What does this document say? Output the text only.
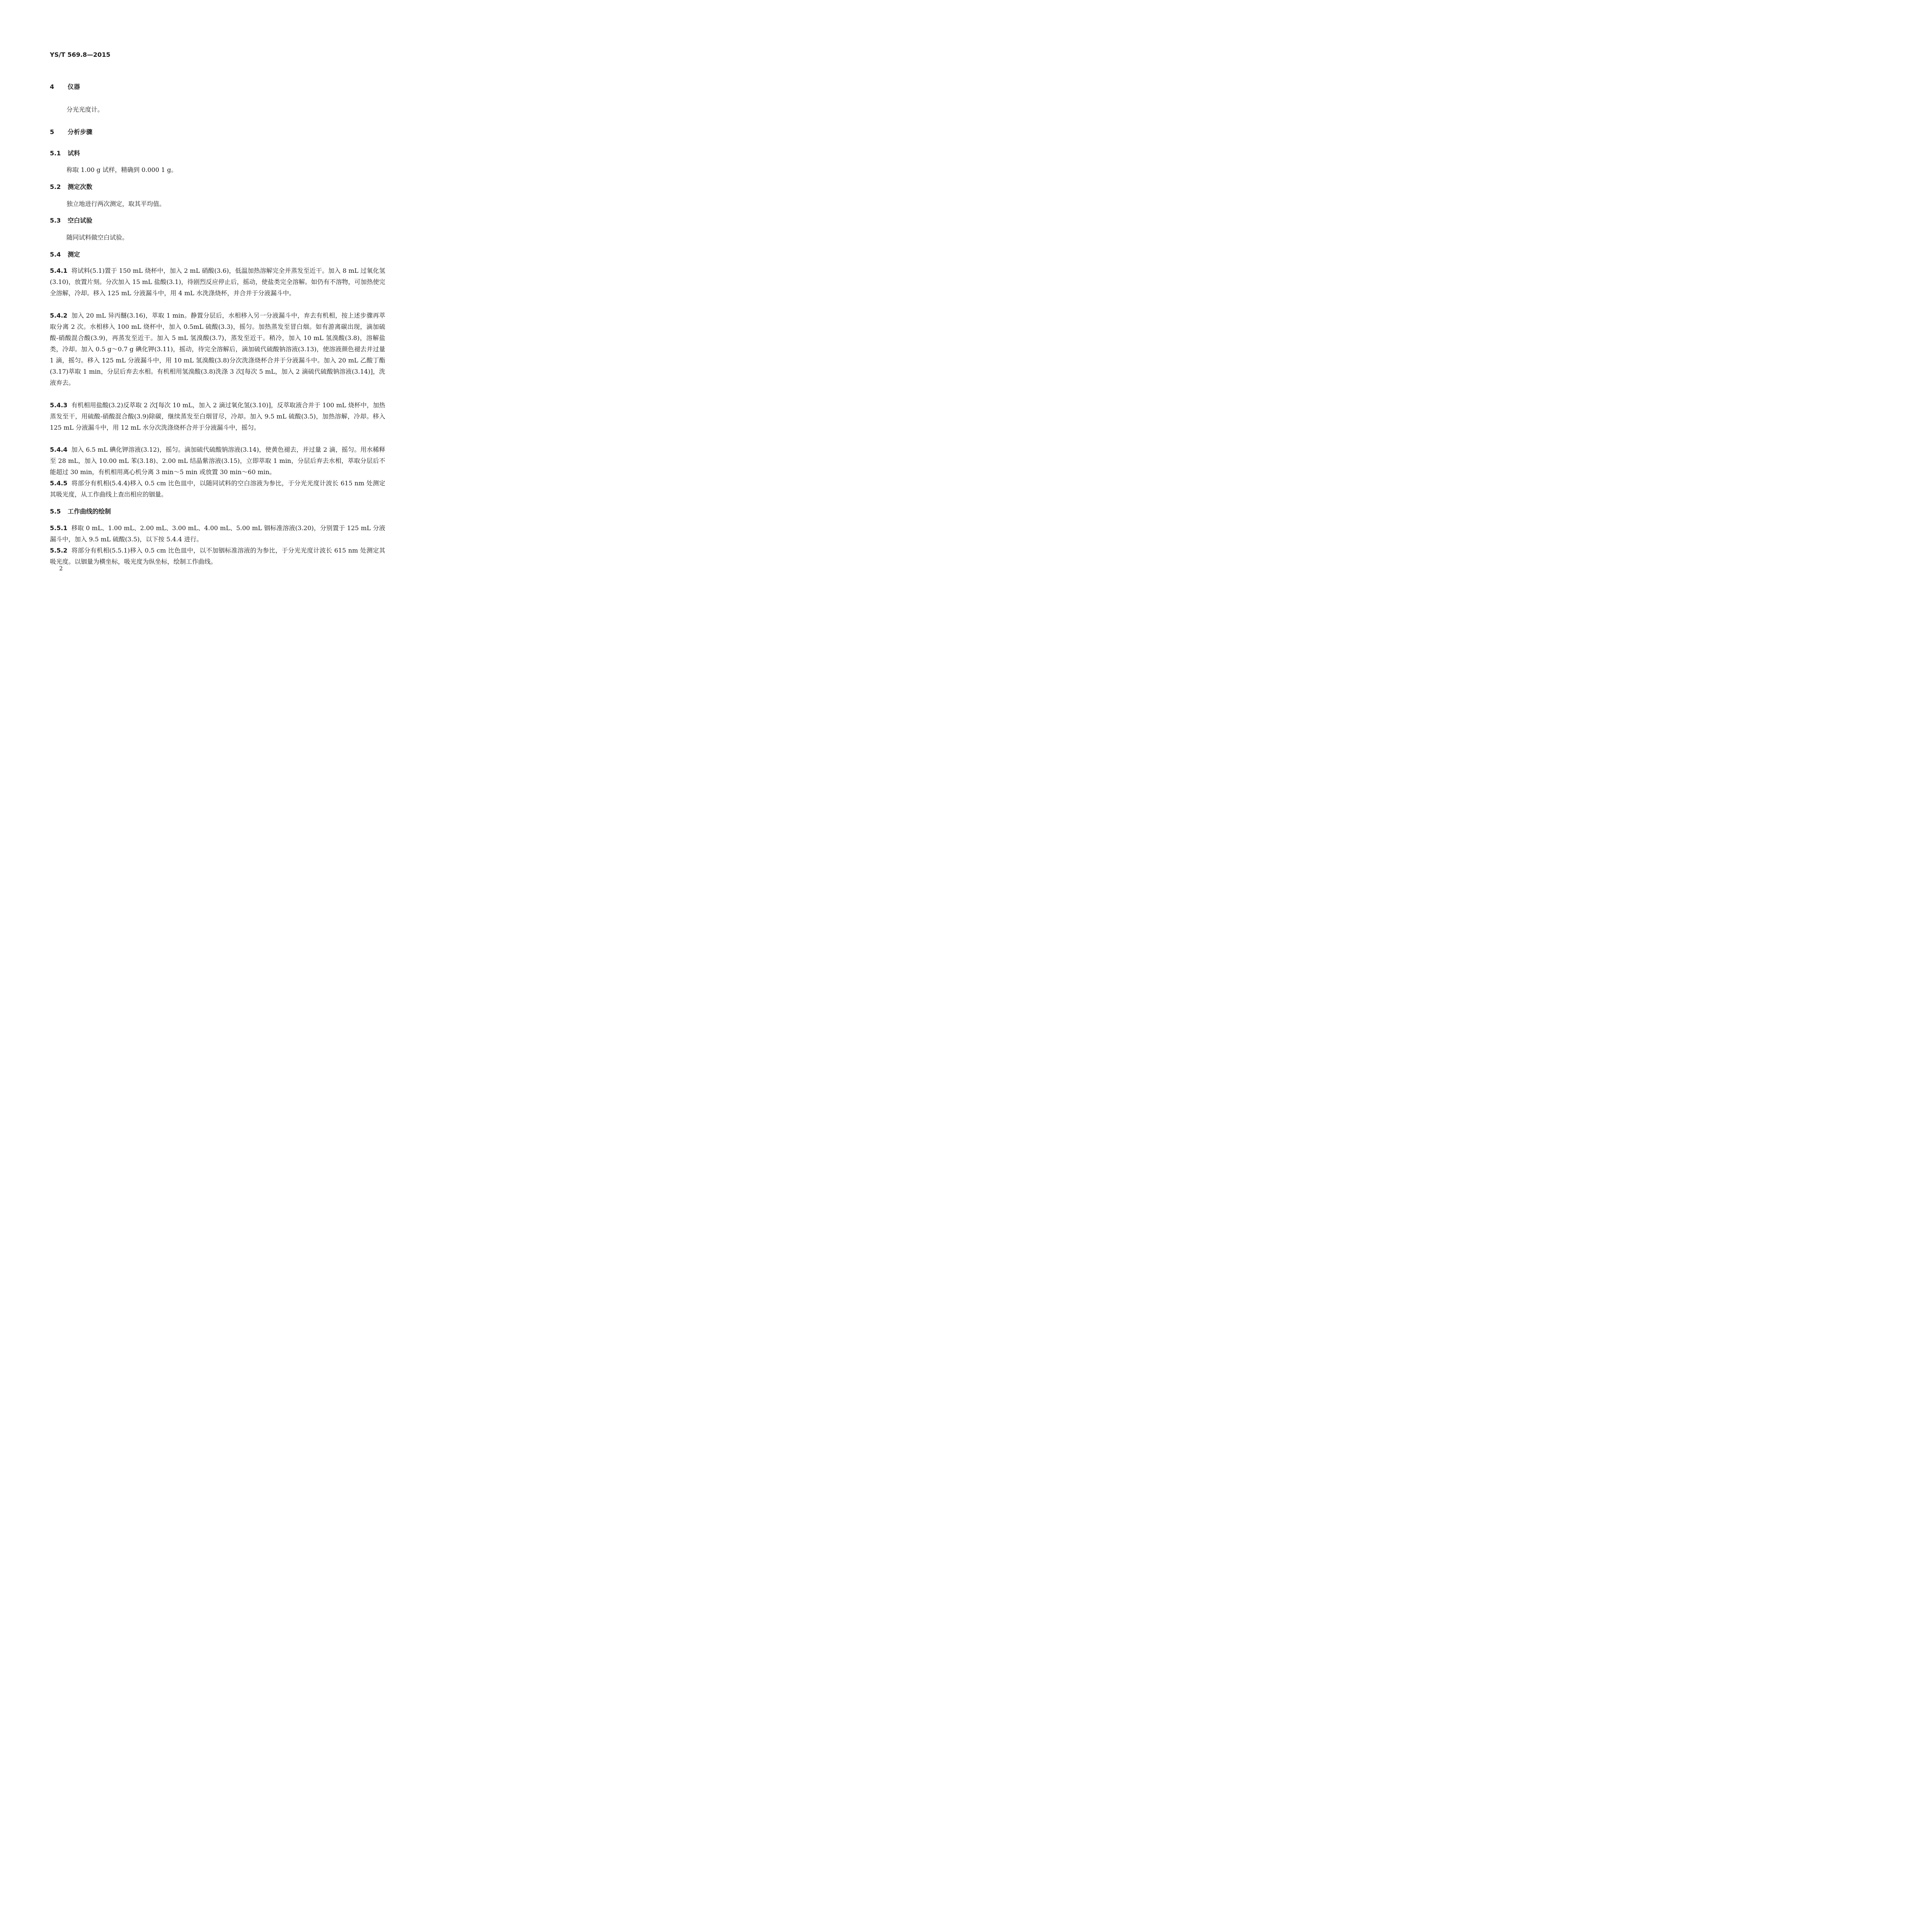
YS/T 569.8—2015
4 仪器
分光光度计。
5 分析步骤
5.1 试料
称取 1.00 g 试样，精确到 0.000 1 g。
5.2 测定次数
独立地进行两次测定，取其平均值。
5.3 空白试验
随同试料做空白试验。
5.4 测定
5.4.1 将试料(5.1)置于 150 mL 烧杯中，加入 2 mL 硝酸(3.6)，低温加热溶解完全并蒸发至近干。加入 8 mL 过氧化氢(3.10)，放置片刻。分次加入 15 mL 盐酸(3.1)，待剧烈反应停止后，摇动，使盐类完全溶解。如仍有不溶物，可加热使完全溶解，冷却。移入 125 mL 分液漏斗中，用 4 mL 水洗涤烧杯，并合并于分液漏斗中。
5.4.2 加入 20 mL 异丙醚(3.16)，萃取 1 min。静置分层后，水相移入另一分液漏斗中，弃去有机相，按上述步骤再萃取分离 2 次。水相移入 100 mL 烧杯中，加入 0.5mL 硫酸(3.3)，摇匀。加热蒸发至冒白烟。如有游离碳出现，滴加硫酸-硝酸混合酸(3.9)，再蒸发至近干。加入 5 mL 氢溴酸(3.7)，蒸发至近干。稍冷，加入 10 mL 氢溴酸(3.8)，溶解盐类，冷却。加入 0.5 g～0.7 g 碘化钾(3.11)，摇动，待完全溶解后，滴加硫代硫酸钠溶液(3.13)，使溶液颜色褪去并过量 1 滴，摇匀。移入 125 mL 分液漏斗中，用 10 mL 氢溴酸(3.8)分次洗涤烧杯合并于分液漏斗中。加入 20 mL 乙酸丁酯(3.17)萃取 1 min，分层后弃去水相。有机相用氢溴酸(3.8)洗涤 3 次[每次 5 mL，加入 2 滴硫代硫酸钠溶液(3.14)]，洗液弃去。
5.4.3 有机相用盐酸(3.2)反萃取 2 次[每次 10 mL，加入 2 滴过氧化氢(3.10)]，反萃取液合并于 100 mL 烧杯中，加热蒸发至干，用硫酸-硝酸混合酸(3.9)除碳，继续蒸发至白烟冒尽，冷却。加入 9.5 mL 硫酸(3.5)，加热溶解，冷却。移入 125 mL 分液漏斗中，用 12 mL 水分次洗涤烧杯合并于分液漏斗中，摇匀。
5.4.4 加入 6.5 mL 碘化钾溶液(3.12)，摇匀。滴加硫代硫酸钠溶液(3.14)，使黄色褪去，并过量 2 滴，摇匀。用水稀释至 28 mL，加入 10.00 mL 苯(3.18)、2.00 mL 结晶紫溶液(3.15)，立即萃取 1 min，分层后弃去水相，萃取分层后不能超过 30 min，有机相用离心机分离 3 min～5 min 或放置 30 min～60 min。
5.4.5 将部分有机相(5.4.4)移入 0.5 cm 比色皿中，以随同试料的空白溶液为参比，于分光光度计波长 615 nm 处测定其吸光度，从工作曲线上查出相应的铟量。
5.5 工作曲线的绘制
5.5.1 移取 0 mL、1.00 mL、2.00 mL、3.00 mL、4.00 mL、5.00 mL 铟标准溶液(3.20)，分别置于 125 mL 分液漏斗中，加入 9.5 mL 硫酸(3.5)，以下按 5.4.4 进行。
5.5.2 将部分有机相(5.5.1)移入 0.5 cm 比色皿中，以不加铟标准溶液的为参比，于分光光度计波长 615 nm 处测定其吸光度。以铟量为横坐标，吸光度为纵坐标，绘制工作曲线。
2
